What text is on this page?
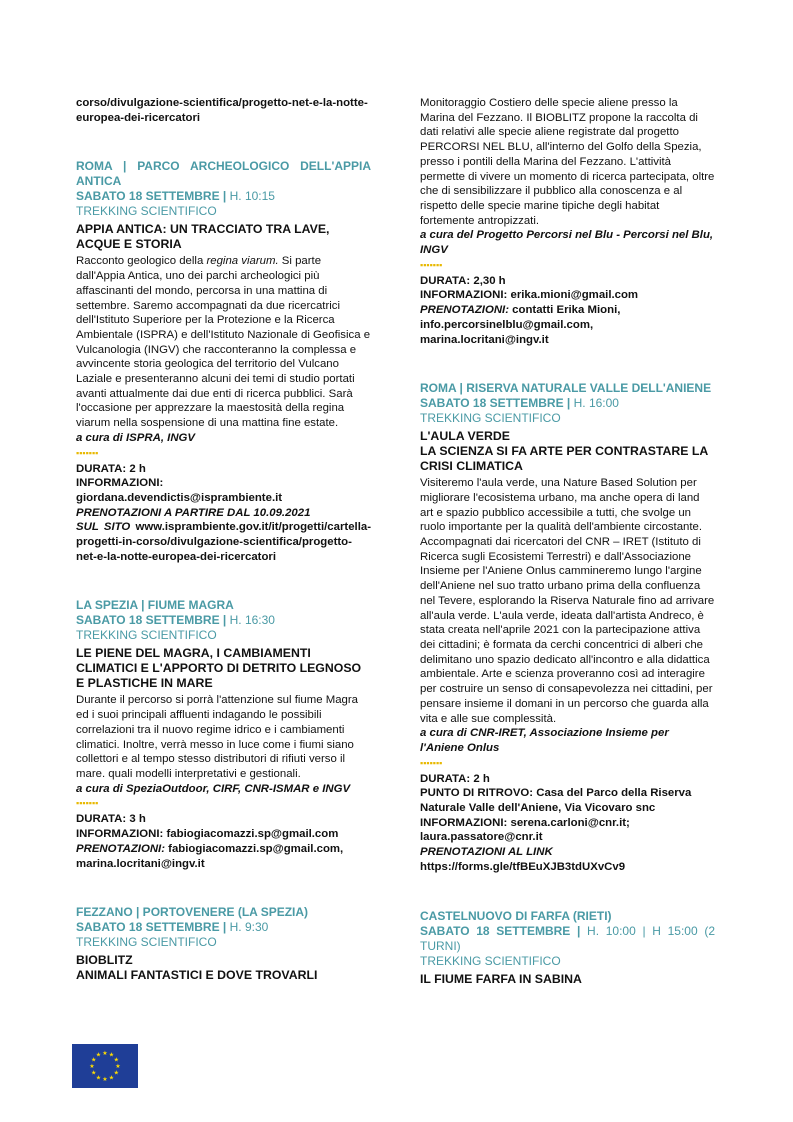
corso/divulgazione-scientifica/progetto-net-e-la-notte-europea-dei-ricercatori
ROMA | PARCO ARCHEOLOGICO DELL'APPIA ANTICA
SABATO 18 SETTEMBRE | H. 10:15
TREKKING SCIENTIFICO
APPIA ANTICA: UN TRACCIATO TRA LAVE, ACQUE E STORIA

Racconto geologico della regina viarum. Si parte dall'Appia Antica, uno dei parchi archeologici più affascinanti del mondo, percorsa in una mattina di settembre. Saremo accompagnati da due ricercatrici dell'Istituto Superiore per la Protezione e la Ricerca Ambientale (ISPRA) e dell'Istituto Nazionale di Geofisica e Vulcanologia (INGV) che racconteranno la complessa e avvincente storia geologica del territorio del Vulcano Laziale e presenteranno alcuni dei temi di studio portati avanti attualmente dai due enti di ricerca pubblici. Sarà l'occasione per apprezzare la maestosità della regina viarum nella sospensione di una mattina fine estate.

a cura di ISPRA, INGV

▪▪▪▪▪▪▪

DURATA: 2 h

INFORMAZIONI: giordana.devendictis@isprambiente.it

PRENOTAZIONI A PARTIRE DAL 10.09.2021

SUL SITO www.isprambiente.gov.it/it/progetti/cartella-progetti-in-corso/divulgazione-scientifica/progetto-net-e-la-notte-europea-dei-ricercatori

LA SPEZIA | FIUME MAGRA
SABATO 18 SETTEMBRE | H. 16:30
TREKKING SCIENTIFICO
LE PIENE DEL MAGRA, I CAMBIAMENTI CLIMATICI E L'APPORTO DI DETRITO LEGNOSO E PLASTICHE IN MARE

Durante il percorso si porrà l'attenzione sul fiume Magra ed i suoi principali affluenti indagando le possibili correlazioni tra il nuovo regime idrico e i cambiamenti climatici. Inoltre, verrà messo in luce come i fiumi siano collettori e al tempo stesso distributori di rifiuti verso il mare. quali modelli interpretativi e gestionali.

a cura di SpeziaOutdoor, CIRF, CNR-ISMAR e INGV

▪▪▪▪▪▪▪

DURATA: 3 h

INFORMAZIONI: fabiogiacomazzi.sp@gmail.com

PRENOTAZIONI: fabiogiacomazzi.sp@gmail.com, marina.locritani@ingv.it

FEZZANO | PORTOVENERE (LA SPEZIA)
SABATO 18 SETTEMBRE | H. 9:30
TREKKING SCIENTIFICO
BIOBLITZ
ANIMALI FANTASTICI E DOVE TROVARLI

Monitoraggio Costiero delle specie aliene presso la Marina del Fezzano. Il BIOBLITZ propone la raccolta di dati relativi alle specie aliene registrate dal progetto PERCORSI NEL BLU, all'interno del Golfo della Spezia, presso i pontili della Marina del Fezzano. L'attività permette di vivere un momento di ricerca partecipata, oltre che di sensibilizzare il pubblico alla conoscenza e al rispetto delle specie marine tipiche degli habitat fortemente antropizzati.

a cura del Progetto Percorsi nel Blu - Percorsi nel Blu, INGV

▪▪▪▪▪▪▪

DURATA: 2,30 h

INFORMAZIONI: erika.mioni@gmail.com

PRENOTAZIONI: contatti Erika Mioni, info.percorsinelblu@gmail.com, marina.locritani@ingv.it

ROMA | RISERVA NATURALE VALLE DELL'ANIENE
SABATO 18 SETTEMBRE | H. 16:00
TREKKING SCIENTIFICO
L'AULA VERDE
LA SCIENZA SI FA ARTE PER CONTRASTARE LA CRISI CLIMATICA

Visiteremo l'aula verde, una Nature Based Solution per migliorare l'ecosistema urbano, ma anche opera di land art e spazio pubblico accessibile a tutti, che svolge un ruolo importante per la qualità dell'ambiente circostante. Accompagnati dai ricercatori del CNR – IRET (Istituto di Ricerca sugli Ecosistemi Terrestri) e dall'Associazione Insieme per l'Aniene Onlus cammineremo lungo l'argine dell'Aniene nel suo tratto urbano prima della confluenza nel Tevere, esplorando la Riserva Naturale fino ad arrivare all'aula verde. L'aula verde, ideata dall'artista Andreco, è stata creata nell'aprile 2021 con la partecipazione attiva dei cittadini; è formata da cerchi concentrici di alberi che delimitano uno spazio dedicato all'incontro e alla didattica ambientale. Arte e scienza proveranno così ad interagire per costruire un senso di consapevolezza nei cittadini, per pensare insieme il domani in un percorso che guarda alla vita e alle sue complessità.

a cura di CNR-IRET, Associazione Insieme per l'Aniene Onlus

▪▪▪▪▪▪▪

DURATA: 2 h

PUNTO DI RITROVO: Casa del Parco della Riserva Naturale Valle dell'Aniene, Via Vicovaro snc

INFORMAZIONI: serena.carloni@cnr.it; laura.passatore@cnr.it

PRENOTAZIONI AL LINK

https://forms.gle/tfBEuXJB3tdUXvCv9

CASTELNUOVO DI FARFA (RIETI)
SABATO 18 SETTEMBRE | H. 10:00 | H 15:00 (2 TURNI)
TREKKING SCIENTIFICO
IL FIUME FARFA IN SABINA
★ ★
★
★
★
★
★
★
★
★
★
★
